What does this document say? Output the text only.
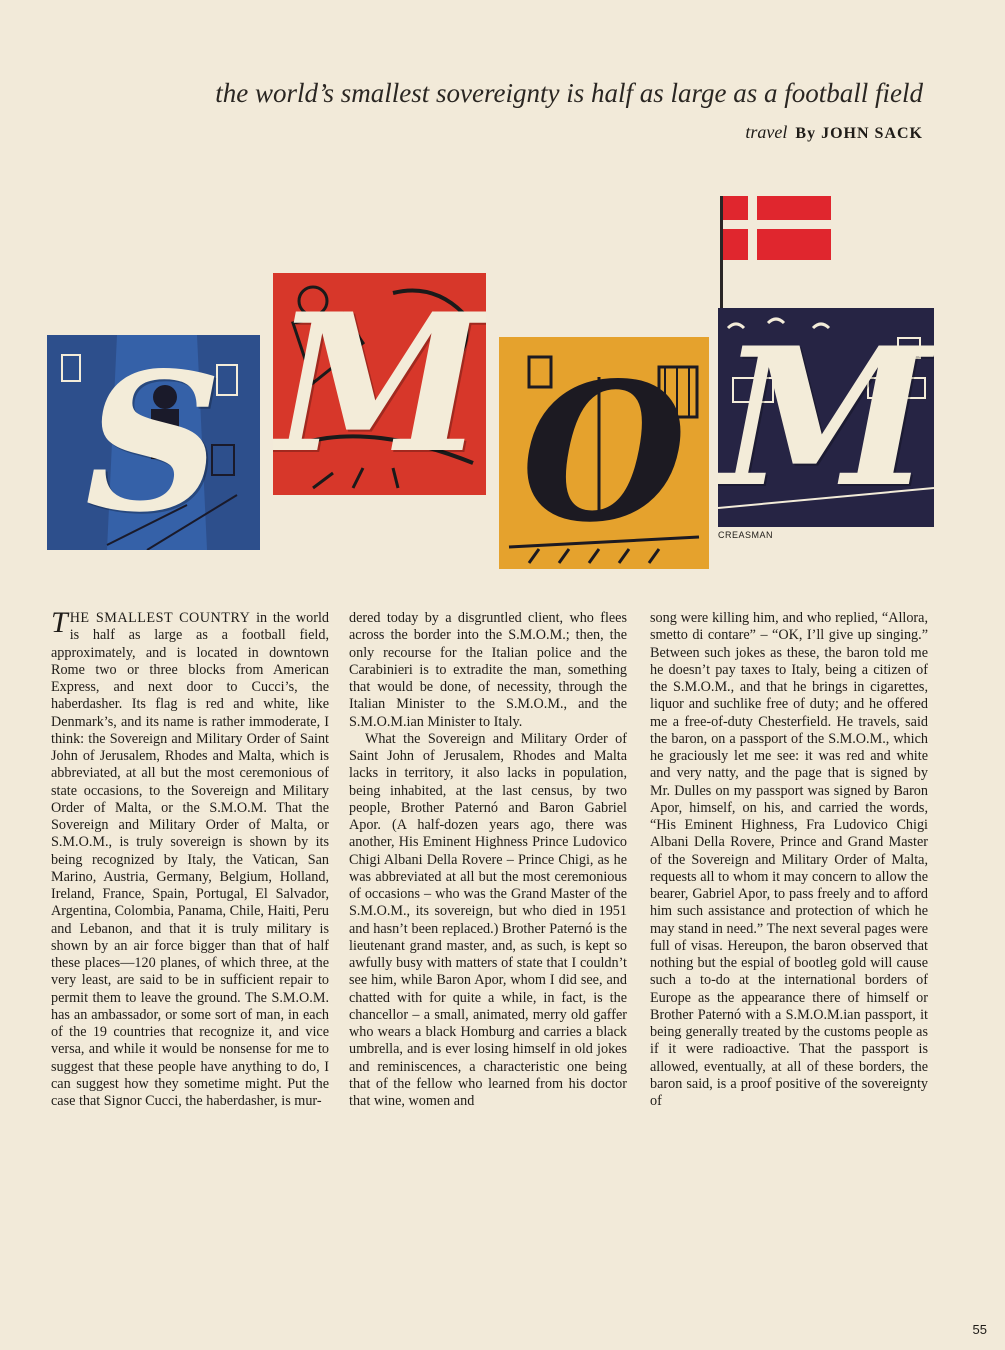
the world’s smallest sovereignty is half as large as a football field
travel By JOHN SACK
S M O M
CREASMAN

THE SMALLEST COUNTRY in the world is half as large as a football field, approximately, and is located in downtown Rome two or three blocks from American Express, and next door to Cucci’s, the haberdasher. Its flag is red and white, like Denmark’s, and its name is rather immoderate, I think: the Sovereign and Military Order of Saint John of Jerusalem, Rhodes and Malta, which is abbreviated, at all but the most ceremonious of state occasions, to the Sovereign and Military Order of Malta, or the S.M.O.M. That the Sovereign and Military Order of Malta, or S.M.O.M., is truly sovereign is shown by its being recognized by Italy, the Vatican, San Marino, Austria, Germany, Belgium, Holland, Ireland, France, Spain, Portugal, El Salvador, Argentina, Colombia, Panama, Chile, Haiti, Peru and Lebanon, and that it is truly military is shown by an air force bigger than that of half these places—120 planes, of which three, at the very least, are said to be in sufficient repair to permit them to leave the ground. The S.M.O.M. has an ambassador, or some sort of man, in each of the 19 countries that recognize it, and vice versa, and while it would be nonsense for me to suggest that these people have anything to do, I can suggest how they sometime might. Put the case that Signor Cucci, the haberdasher, is mur-

dered today by a disgruntled client, who flees across the border into the S.M.O.M.; then, the only recourse for the Italian police and the Carabinieri is to extradite the man, something that would be done, of necessity, through the Italian Minister to the S.M.O.M., and the S.M.O.M.ian Minister to Italy.

What the Sovereign and Military Order of Saint John of Jerusalem, Rhodes and Malta lacks in territory, it also lacks in population, being inhabited, at the last census, by two people, Brother Paternó and Baron Gabriel Apor. (A half-dozen years ago, there was another, His Eminent Highness Prince Ludovico Chigi Albani Della Rovere – Prince Chigi, as he was abbreviated at all but the most ceremonious of occasions – who was the Grand Master of the S.M.O.M., its sovereign, but who died in 1951 and hasn’t been replaced.) Brother Paternó is the lieutenant grand master, and, as such, is kept so awfully busy with matters of state that I couldn’t see him, while Baron Apor, whom I did see, and chatted with for quite a while, in fact, is the chancellor – a small, animated, merry old gaffer who wears a black Homburg and carries a black umbrella, and is ever losing himself in old jokes and reminiscences, a characteristic one being that of the fellow who learned from his doctor that wine, women and

song were killing him, and who replied, “Allora, smetto di contare” – “OK, I’ll give up singing.” Between such jokes as these, the baron told me he doesn’t pay taxes to Italy, being a citizen of the S.M.O.M., and that he brings in cigarettes, liquor and suchlike free of duty; and he offered me a free-of-duty Chesterfield. He travels, said the baron, on a passport of the S.M.O.M., which he graciously let me see: it was red and white and very natty, and the page that is signed by Mr. Dulles on my passport was signed by Baron Apor, himself, on his, and carried the words, “His Eminent Highness, Fra Ludovico Chigi Albani Della Rovere, Prince and Grand Master of the Sovereign and Military Order of Malta, requests all to whom it may concern to allow the bearer, Gabriel Apor, to pass freely and to afford him such assistance and protection of which he may stand in need.” The next several pages were full of visas. Hereupon, the baron observed that nothing but the espial of bootleg gold will cause such a to-do at the international borders of Europe as the appearance there of himself or Brother Paternó with a S.M.O.M.ian passport, it being generally treated by the customs people as if it were radioactive. That the passport is allowed, eventually, at all of these borders, the baron said, is a proof positive of the sovereignty of

55
